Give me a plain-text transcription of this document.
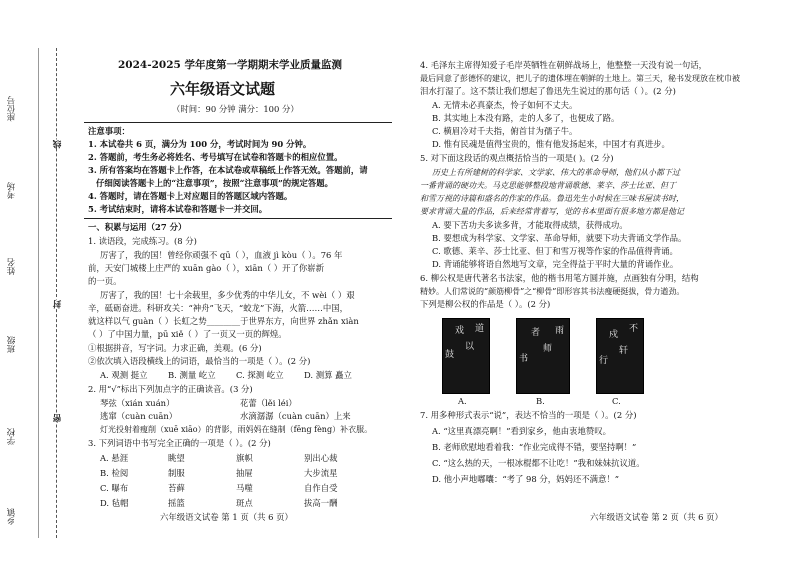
座位号
考场
姓名
班级
学校
乡镇
线
封
密
2024-2025 学年度第一学期期末学业质量监测
六年级语文试题
（时间：90 分钟 满分：100 分）
注意事项：
1. 本试卷共 6 页，满分为 100 分，考试时间为 90 分钟。
2. 答题前，考生务必将姓名、考号填写在试卷和答题卡的相应位置。
3. 所有答案均在答题卡上作答，在本试卷或草稿纸上作答无效。答题前，请
仔细阅读答题卡上的“注意事项”，按照“注意事项”的规定答题。
4. 答题时，请在答题卡上对应题目的答题区域内答题。
5. 考试结束时，请将本试卷和答题卡一并交回。
一、积累与运用（27 分）
1. 读语段，完成练习。(8 分)
厉害了，我的国！曾经你顽强不 qū（ ），血液 jì kòu（ ）。76 年
前，天安门城楼上庄严的 xuān gào（ ），xiān（ ）开了你崭新
的一页。
厉害了，我的国！七十余载里，多少优秀的中华儿女，不 wèi（ ）艰
辛，砥砺奋进。科研攻关：“神舟”飞天，“蛟龙”下海，火箭……中国，
就这样以气 guàn（ ）长虹之势________于世界东方，向世界 zhǎn xiàn
（ ）了中国力量，pū xiě（ ）了一页又一页的辉煌。
①根据拼音，写字词。力求正确，美观。(6 分)
②依次填入语段横线上的词语，最恰当的一项是（ ）。(2 分)
A. 观测 挺立	B. 测量 屹立	C. 探测 屹立	D. 测算 矗立
2. 用“√”标出下列加点字的正确读音。(3 分)
琴弦（xián xuán）	花蕾（lěi léi）
逃窜（cuàn cuān）	水滴潺潺（cuàn cuān）上来
灯光投射着瘦削（xuē xiāo）的背影，雨妈妈在缝制（fēng fèng）补衣服。
3. 下列词语中书写完全正确的一项是（ ）。(2 分)
A. 悬涯	眺望	旗帜	别出心裁
B. 检阅	制服	抽屉	大步流星
C. 曝布	苔藓	马噬	自作自受
D. 毡帽	摇篮	斑点	拔高一酬
六年级语文试卷 第 1 页（共 6 页）
4. 毛泽东主席得知爱子毛岸英牺牲在朝鲜战场上，他整整一天没有说一句话，
最后同意了彭德怀的建议，把儿子的遗体埋在朝鲜的土地上。第三天，秘书发现放在枕巾被
泪水打湿了。这不禁让我们想起了鲁迅先生说过的那句话（ ）。(2 分)
A. 无情未必真豪杰，怜子如何不丈夫。
B. 其实地上本没有路，走的人多了，也便成了路。
C. 横眉冷对千夫指，俯首甘为孺子牛。
D. 惟有民魂是值得宝贵的，惟有他发扬起来，中国才有真进步。
5. 对下面这段话的观点概括恰当的一项是( )。(2 分)
历史上有所建树的科学家、文学家、伟大的革命导师，他们从小都下过
一番背诵的硬功夫。马克思能够整段地背诵歌德、莱辛、莎士比亚、但丁
和雪万视的诗篇和盛名的作家的作品。鲁迅先生小时候在三味书屋读书时，
要求背诵大量的作品，后来经常背着写，觉的书本里面有很多地方都是他记
A. 要下苦功夫多读多背，才能取得成绩，获得成功。
B. 要想成为科学家、文学家、革命导师，就要下功夫背诵文学作品。
C. 歌德、莱辛、莎士比亚、但丁和雪万视等作家的作品值得背诵。
D. 背诵能够将语自然地写文章，完全得益于平时大量的背诵作业。
6. 柳公权是唐代著名书法家，他的楷书用笔方圆并施，点画独有分明，结构
精妙。人们常说的“颜筋柳骨”之“柳骨”即形容其书法瘦硬挺拔，骨力遒劲。
下列是柳公权的作品是（ ）。(2 分)
道
以
戏
鼓
雨
师
者
书
不
轩
戍
行
A.	B.	C.
7. 用多种形式表示“说”，表达不恰当的一项是（ ）。(2 分)
A. “这里真漂亮啊！”看到家乡，他由衷地赞叹。
B. 老师欣慰地看着我：“作业完成得不错，要坚持啊！”
C. “这么热的天，一根冰棍都不让吃！”我和妹妹抗议道。
D. 他小声地嘟囔：“考了 98 分，妈妈还不满意！”
六年级语文试卷 第 2 页（共 6 页）
